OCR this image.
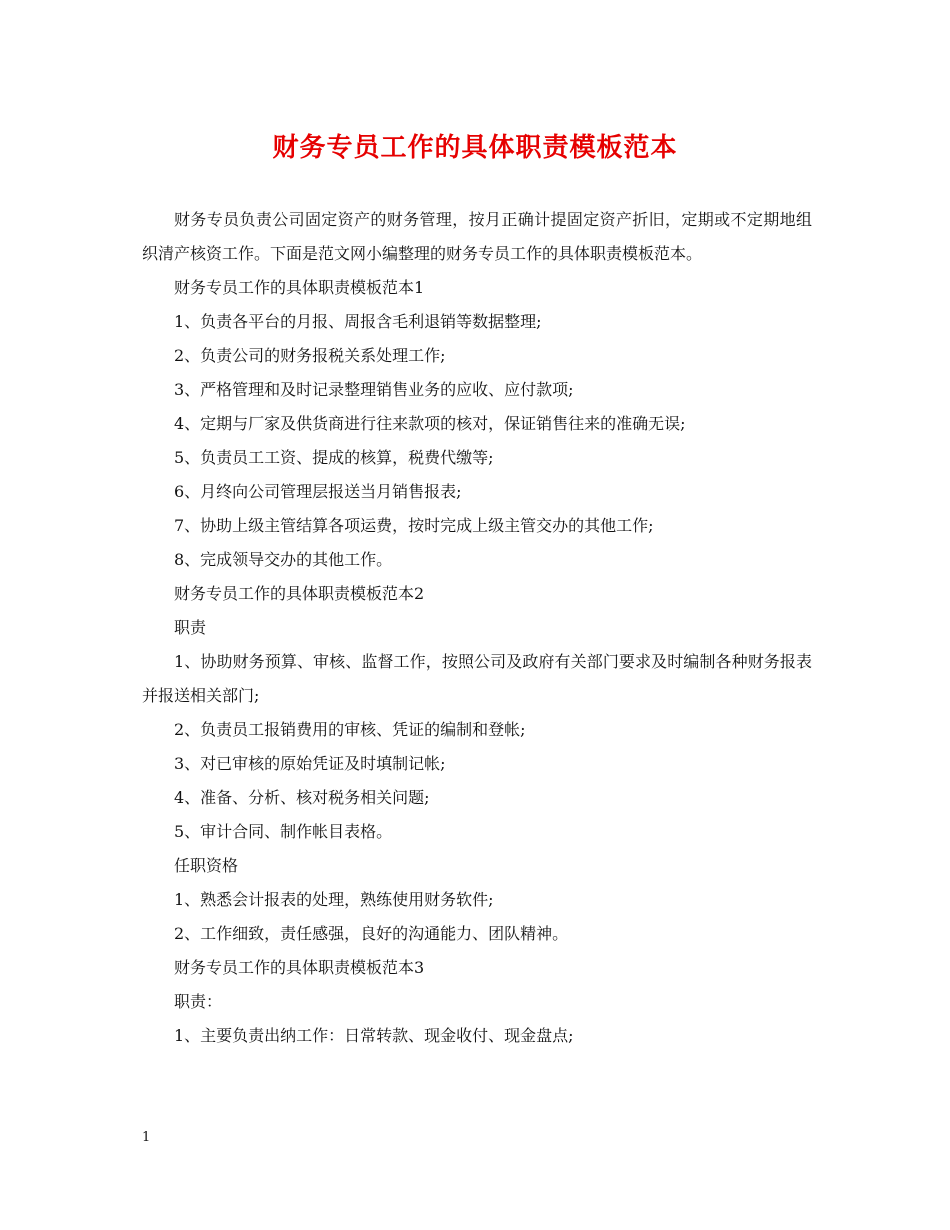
财务专员工作的具体职责模板范本

财务专员负责公司固定资产的财务管理，按月正确计提固定资产折旧，定期或不定期地组织清产核资工作。下面是范文网小编整理的财务专员工作的具体职责模板范本。

财务专员工作的具体职责模板范本1

1、负责各平台的月报、周报含毛利退销等数据整理;

2、负责公司的财务报税关系处理工作;

3、严格管理和及时记录整理销售业务的应收、应付款项;

4、定期与厂家及供货商进行往来款项的核对，保证销售往来的准确无误;

5、负责员工工资、提成的核算，税费代缴等;

6、月终向公司管理层报送当月销售报表;

7、协助上级主管结算各项运费，按时完成上级主管交办的其他工作;

8、完成领导交办的其他工作。

财务专员工作的具体职责模板范本2

职责

1、协助财务预算、审核、监督工作，按照公司及政府有关部门要求及时编制各种财务报表并报送相关部门;

2、负责员工报销费用的审核、凭证的编制和登帐;

3、对已审核的原始凭证及时填制记帐;

4、准备、分析、核对税务相关问题;

5、审计合同、制作帐目表格。

任职资格

1、熟悉会计报表的处理，熟练使用财务软件;

2、工作细致，责任感强，良好的沟通能力、团队精神。

财务专员工作的具体职责模板范本3

职责：

1、主要负责出纳工作：日常转款、现金收付、现金盘点;

1
